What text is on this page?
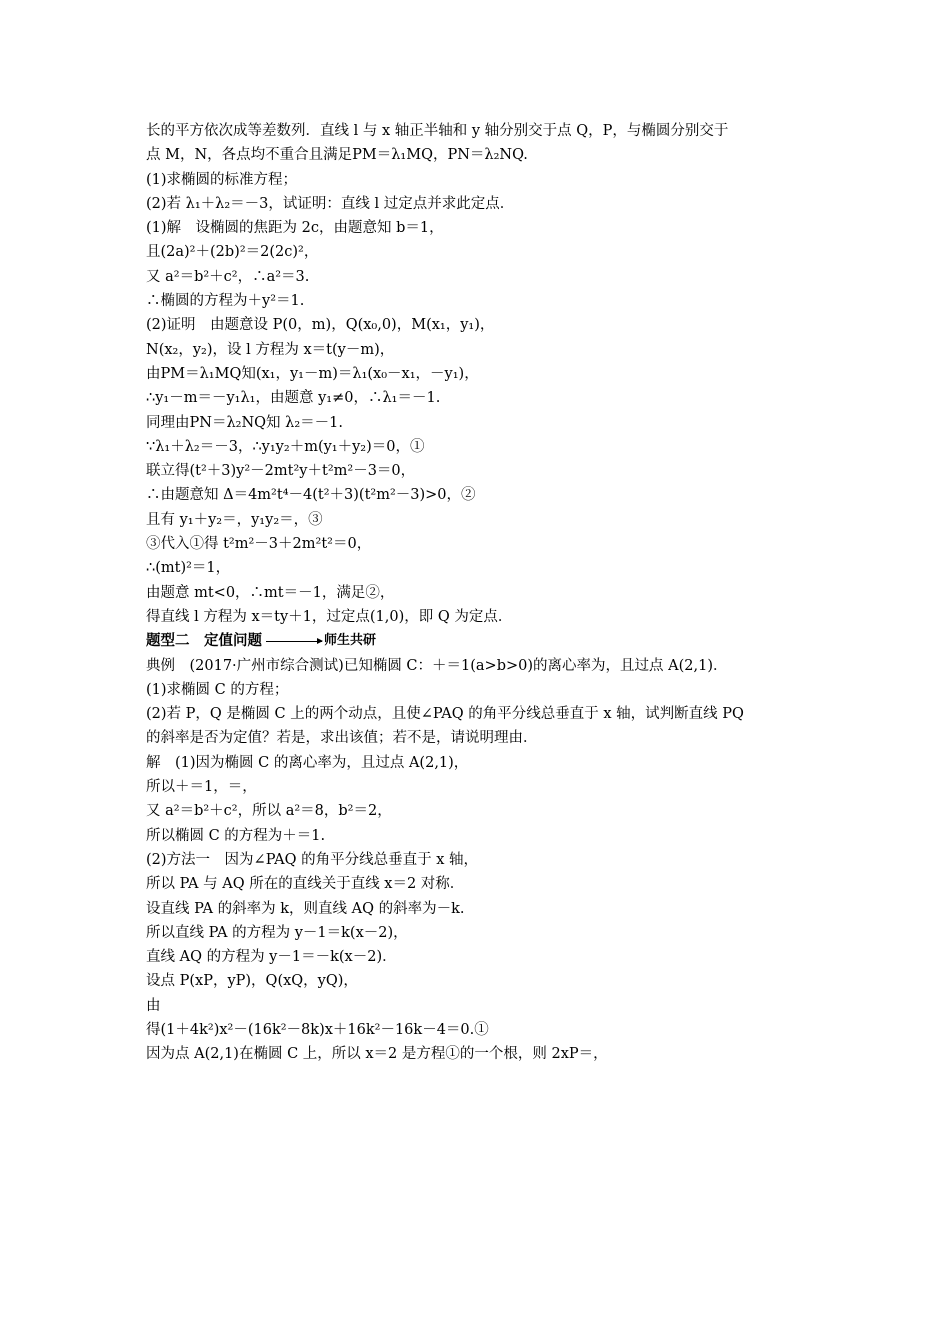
长的平方依次成等差数列．直线 l 与 x 轴正半轴和 y 轴分别交于点 Q，P，与椭圆分别交于
点 M，N，各点均不重合且满足PM＝λ₁MQ，PN＝λ₂NQ.
(1)求椭圆的标准方程；
(2)若 λ₁＋λ₂＝－3，试证明：直线 l 过定点并求此定点．
(1)解　设椭圆的焦距为 2c，由题意知 b＝1，
且(2a)²＋(2b)²＝2(2c)²，
又 a²＝b²＋c²，∴a²＝3.
∴椭圆的方程为＋y²＝1.
(2)证明　由题意设 P(0，m)，Q(x₀,0)，M(x₁，y₁)，
N(x₂，y₂)，设 l 方程为 x＝t(y－m)，
由PM＝λ₁MQ知(x₁，y₁－m)＝λ₁(x₀－x₁，－y₁)，
∴y₁－m＝－y₁λ₁，由题意 y₁≠0，∴λ₁＝－1.
同理由PN＝λ₂NQ知 λ₂＝－1.
∵λ₁＋λ₂＝－3，∴y₁y₂＋m(y₁＋y₂)＝0，①
联立得(t²＋3)y²－2mt²y＋t²m²－3＝0，
∴由题意知 Δ＝4m²t⁴－4(t²＋3)(t²m²－3)>0，②
且有 y₁＋y₂＝，y₁y₂＝，③
③代入①得 t²m²－3＋2m²t²＝0，
∴(mt)²＝1，
由题意 mt<0，∴mt＝－1，满足②，
得直线 l 方程为 x＝ty＋1，过定点(1,0)，即 Q 为定点．
题型二　定值问题	师生共研
典例　(2017·广州市综合测试)已知椭圆 C：＋＝1(a>b>0)的离心率为，且过点 A(2,1)．
(1)求椭圆 C 的方程；
(2)若 P，Q 是椭圆 C 上的两个动点，且使∠PAQ 的角平分线总垂直于 x 轴，试判断直线 PQ
的斜率是否为定值？若是，求出该值；若不是，请说明理由．
解　(1)因为椭圆 C 的离心率为，且过点 A(2,1)，
所以＋＝1，＝，
又 a²＝b²＋c²，所以 a²＝8，b²＝2，
所以椭圆 C 的方程为＋＝1.
(2)方法一　因为∠PAQ 的角平分线总垂直于 x 轴，
所以 PA 与 AQ 所在的直线关于直线 x＝2 对称．
设直线 PA 的斜率为 k，则直线 AQ 的斜率为－k.
所以直线 PA 的方程为 y－1＝k(x－2)，
直线 AQ 的方程为 y－1＝－k(x－2)．
设点 P(xP，yP)，Q(xQ，yQ)，
由
得(1＋4k²)x²－(16k²－8k)x＋16k²－16k－4＝0.①
因为点 A(2,1)在椭圆 C 上，所以 x＝2 是方程①的一个根，则 2xP＝，
